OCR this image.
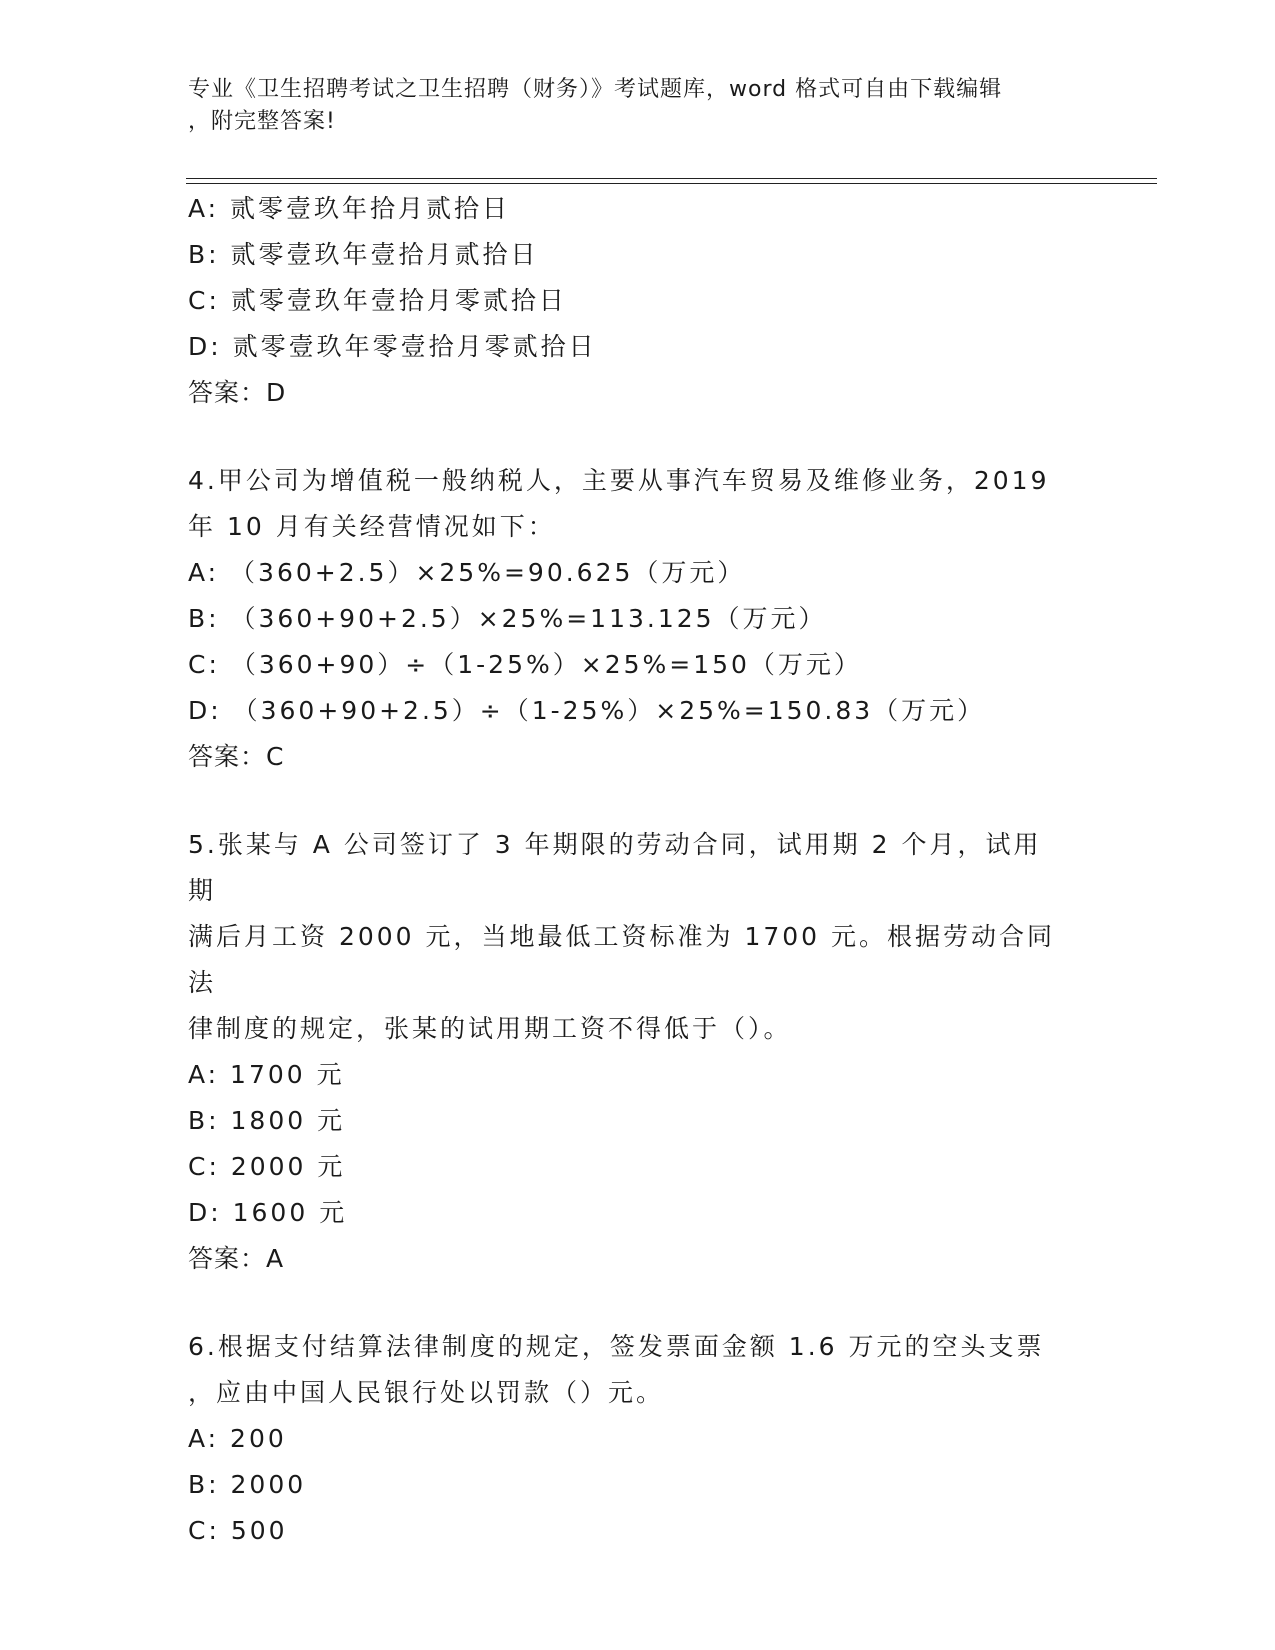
专业《卫生招聘考试之卫生招聘（财务）》考试题库，word 格式可自由下载编辑
，附完整答案!

A: 贰零壹玖年拾月贰拾日

B: 贰零壹玖年壹拾月贰拾日

C: 贰零壹玖年壹拾月零贰拾日

D: 贰零壹玖年零壹拾月零贰拾日

答案：D

4.甲公司为增值税一般纳税人，主要从事汽车贸易及维修业务，2019

年 10 月有关经营情况如下：

A: （360+2.5）×25%=90.625（万元）

B: （360+90+2.5）×25%=113.125（万元）

C: （360+90）÷（1-25%）×25%=150（万元）

D: （360+90+2.5）÷（1-25%）×25%=150.83（万元）

答案：C

5.张某与 A 公司签订了 3 年期限的劳动合同，试用期 2 个月，试用期

满后月工资 2000 元，当地最低工资标准为 1700 元。根据劳动合同法

律制度的规定，张某的试用期工资不得低于（）。

A: 1700 元

B: 1800 元

C: 2000 元

D: 1600 元

答案：A

6.根据支付结算法律制度的规定，签发票面金额 1.6 万元的空头支票

，应由中国人民银行处以罚款（）元。

A: 200

B: 2000

C: 500
